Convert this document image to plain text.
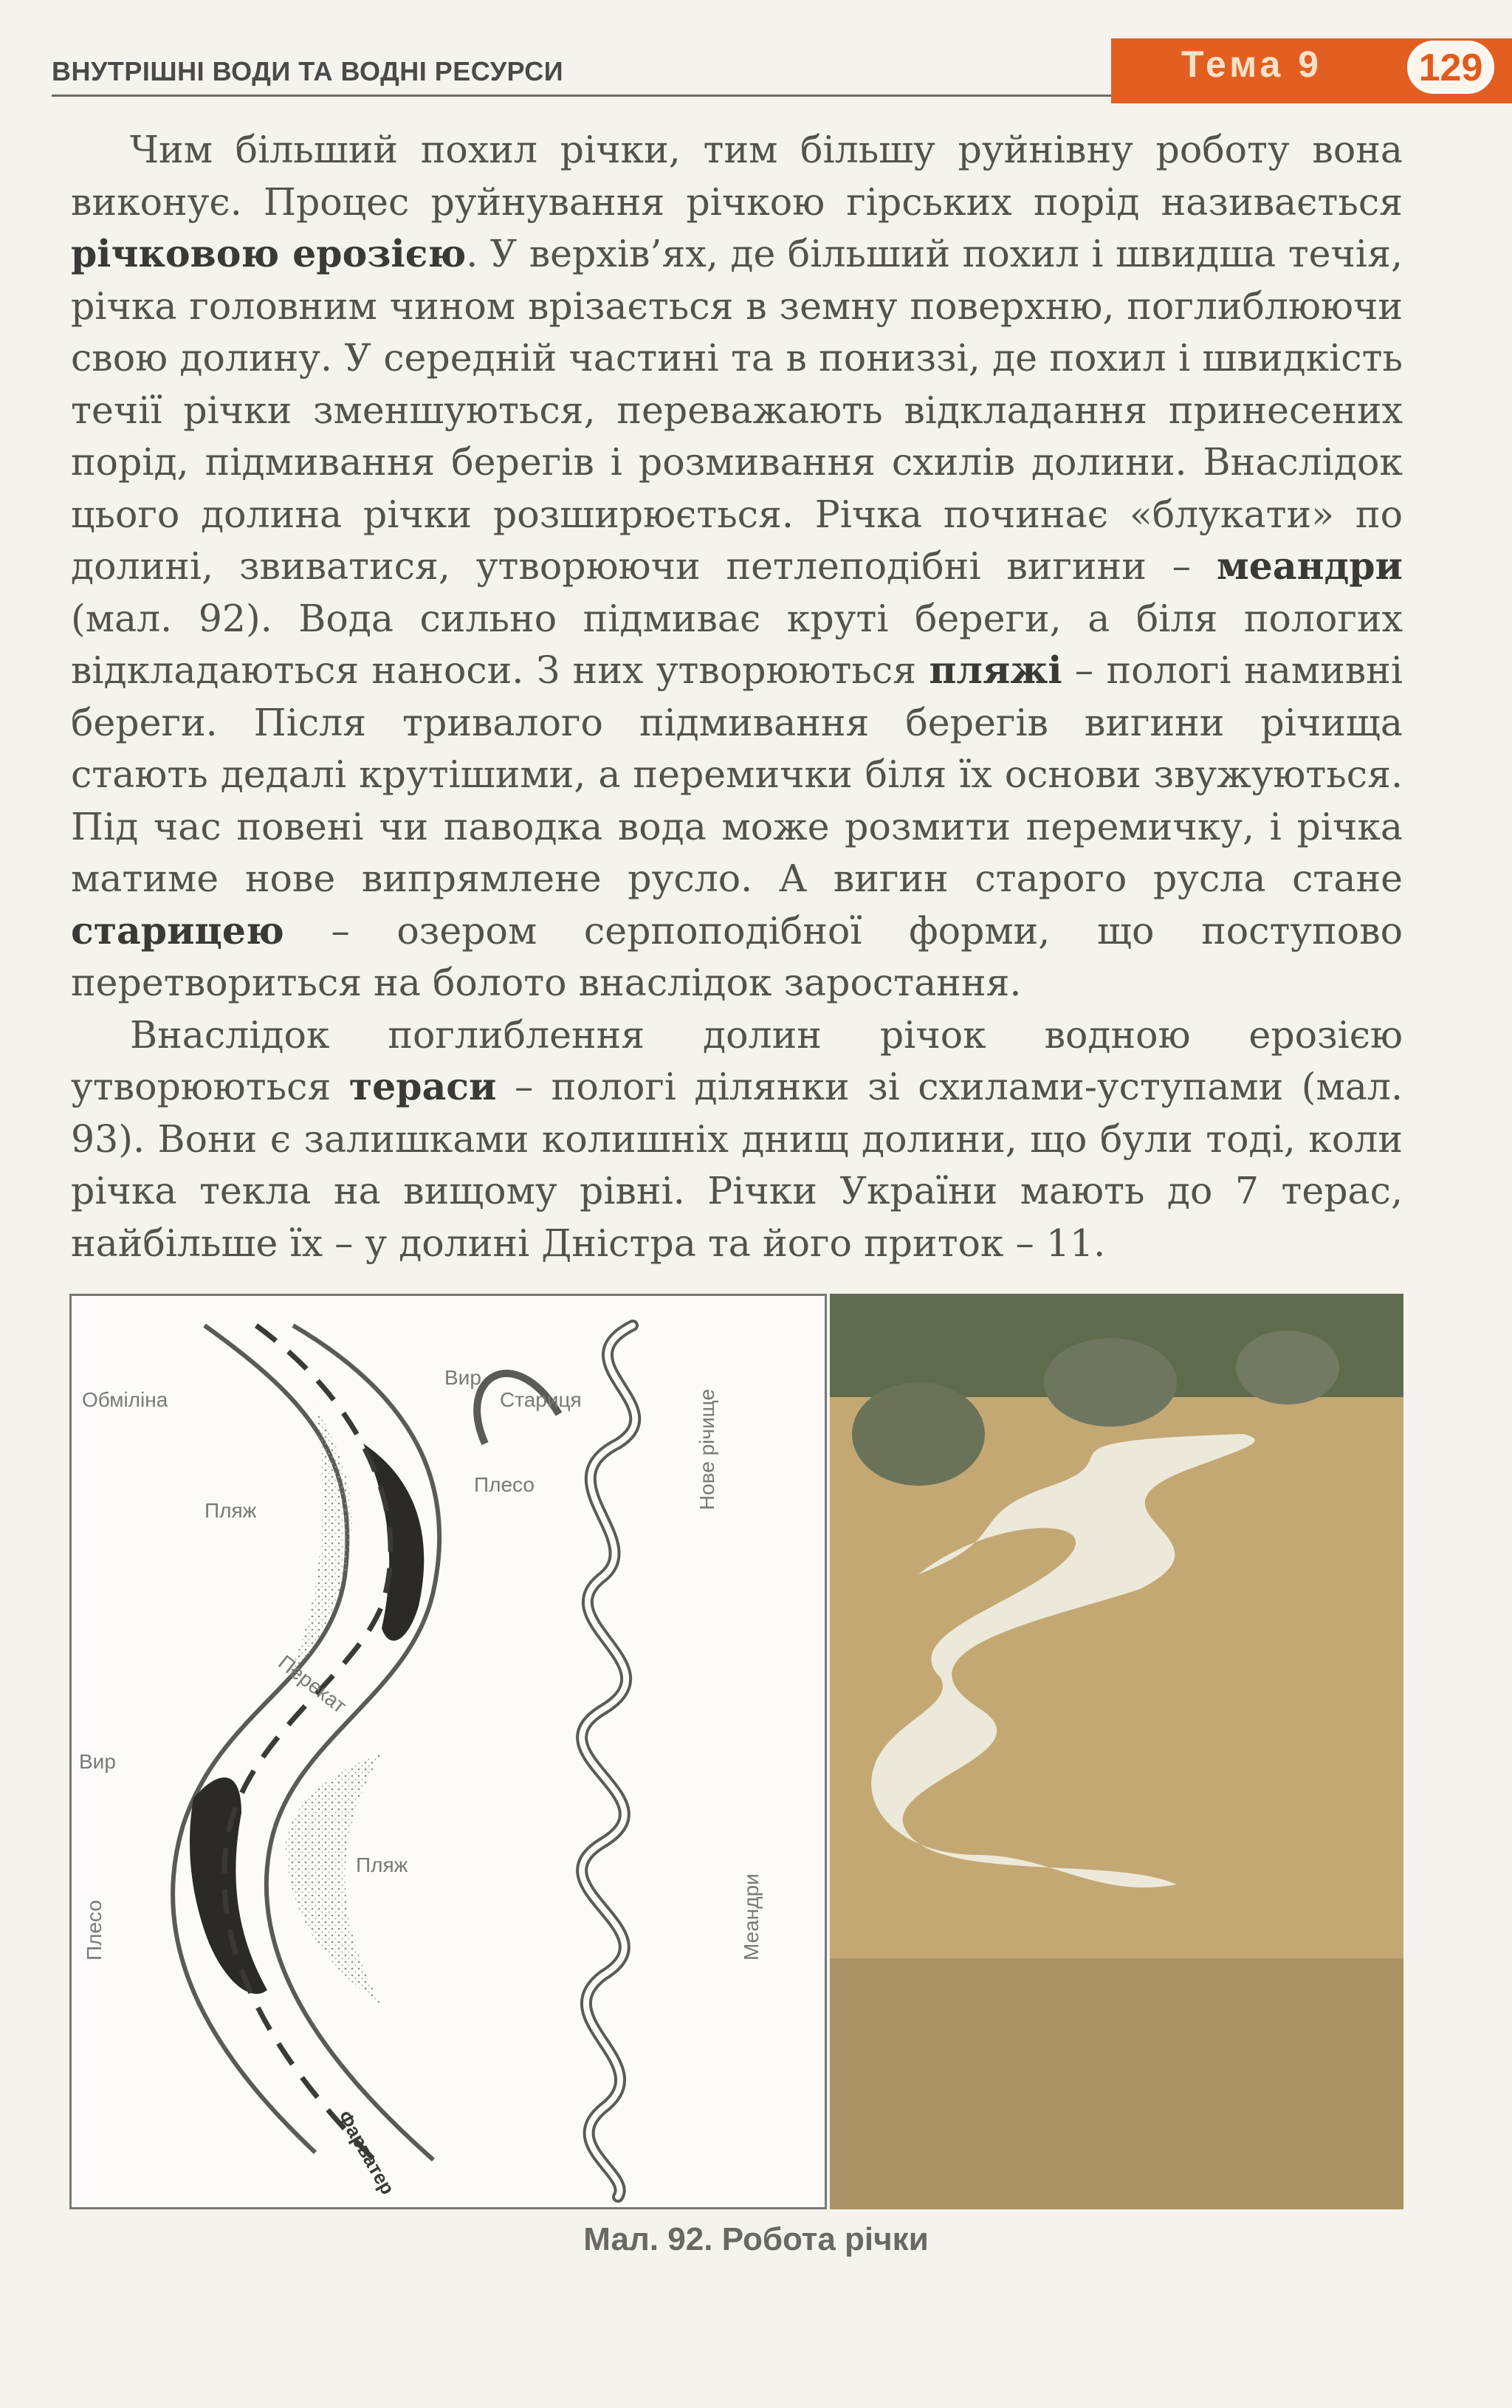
ВНУТРІШНІ ВОДИ ТА ВОДНІ РЕСУРСИ	Тема 9	129

Чим більший похил річки, тим більшу руйнівну роботу вона виконує. Процес руйнування річкою гірських порід називається річковою ерозією. У верхів’ях, де більший похил і швидша течія, річка головним чином врізається в земну поверхню, поглиблюючи свою долину. У середній частині та в пониззі, де похил і швидкість течії річки зменшуються, переважають відкладання принесених порід, підмивання берегів і розмивання схилів долини. Внаслідок цього долина річки розширюється. Річка починає «блукати» по долині, звиватися, утворюючи петлеподібні вигини – меандри (мал. 92). Вода сильно підмиває круті береги, а біля пологих відкладаються наноси. З них утворюються пляжі – пологі намивні береги. Після тривалого підмивання берегів вигини річища стають дедалі крутішими, а перемички біля їх основи звужуються. Під час повені чи паводка вода може розмити перемичку, і річка матиме нове випрямлене русло. А вигин старого русла стане старицею – озером серпоподібної форми, що поступово перетвориться на болото внаслідок заростання.

Внаслідок поглиблення долин річок водною ерозією утворюються тераси – пологі ділянки зі схилами-уступами (мал. 93). Вони є залишками колишніх днищ долини, що були тоді, коли річка текла на вищому рівні. Річки України мають до 7 терас, найбільше їх – у долині Дністра та його приток – 11.

Обміліна
Вир
Стариця
Плесо
Пляж
Перекат
Вир
Пляж
Плесо
Нове річище
Меандри
Фарватер
Мал. 92. Робота річки
